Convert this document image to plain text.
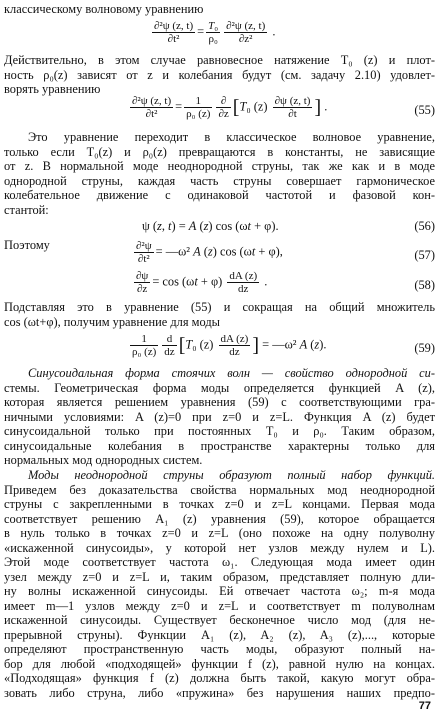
классическому волновому уравнению
$\frac{\text{∂²ψ (z, t)}}{\text{∂t²}} = \frac{\text{T₀}}{\text{ρ₀}} \frac{\text{∂²ψ (z, t)}}{\text{∂z²}}$ .
Действительно, в этом случае равновесное натяжение T₀ (z) и плот-
ность ρ₀(z) зависят от z и колебания будут (см. задачу 2.10) удовлет-
ворять уравнению
$\frac{\text{∂²ψ (z, t)}}{\text{∂t²}} = \frac{1}{\text{ρ₀ (z)}} \frac{\partial}{\partial z} [T_0$ $(z) \frac{\partial\psi (z, t)}{\partial t}$ ] .	(55)
Это уравнение переходит в классическое волновое уравнение,
только если T₀(z) и ρ₀(z) превращаются в константы, не зависящие
от z. В нормальной моде неоднородной струны, так же как и в моде
однородной струны, каждая часть струны совершает гармоническое
колебательное движение с одинаковой частотой и фазовой кон-
стантой:
ψ (z, t) = A (z) cos (ωt + φ).	(56)
Поэтому	$\frac{\text{∂²ψ}}{\text{∂t²}}$ = —ω² A (z) cos (ωt + φ),	(57)
$\frac{\partial\psi}{\partial z} = \cos (\omega t + \varphi) \frac{dA (z)}{dz}$ .	(58)
Подставляя это в уравнение (55) и сокращая на общий множитель
cos (ωt+φ), получим уравнение для моды
$\frac{1}{\text{ρ₀ (z)}} \frac{d}{dz} [T_0$ $(z) \frac{dA (z)}{dz}$ ] = —ω² A (z).	(59)
Синусоидальная форма стоячих волн — свойство однородной си-
стемы. Геометрическая форма моды определяется функцией A (z),
которая является решением уравнения (59) с соответствующими гра-
ничными условиями: A (z)=0 при z=0 и z=L. Функция A (z) будет
синусоидальной только при постоянных T₀ и ρ₀. Таким образом,
синусоидальные колебания в пространстве характерны только для
нормальных мод однородных систем.
Моды неоднородной струны образуют полный набор функций.
Приведем без доказательства свойства нормальных мод неоднородной
струны с закрепленными в точках z=0 и z=L концами. Первая мода
соответствует решению A₁ (z) уравнения (59), которое обращается
в нуль только в точках z=0 и z=L (оно похоже на одну полуволну
«искаженной синусоиды», у которой нет узлов между нулем и L).
Этой моде соответствует частота ω₁. Следующая мода имеет один
узел между z=0 и z=L и, таким образом, представляет полную дли-
ну волны искаженной синусоиды. Ей отвечает частота ω₂; m-я мода
имеет m—1 узлов между z=0 и z=L и соответствует m полуволнам
искаженной синусоиды. Существует бесконечное число мод (для не-
прерывной струны). Функции A₁ (z), A₂ (z), A₃ (z),..., которые
определяют пространственную часть моды, образуют полный на-
бор для любой «подходящей» функции f (z), равной нулю на концах.
«Подходящая» функция f (z) должна быть такой, какую могут обра-
зовать либо струна, либо «пружина» без нарушения наших предпо-
77
